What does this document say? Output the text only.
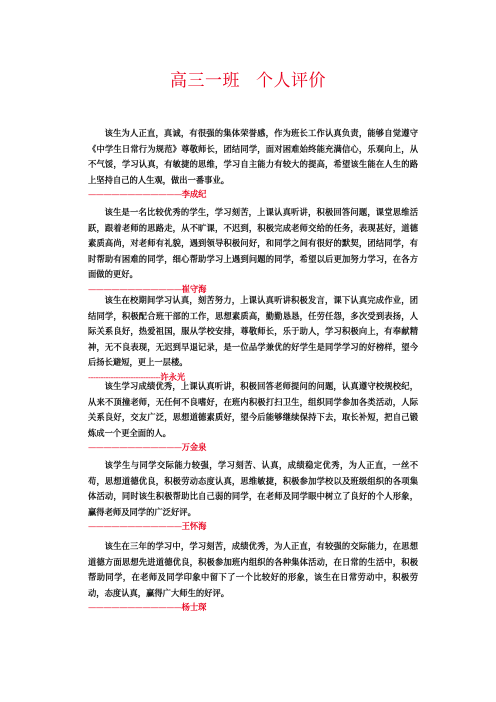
高三一班 个人评价

该生为人正直，真诚，有很强的集体荣誉感，作为班长工作认真负责，能够自觉遵守《中学生日常行为规范》尊敬师长，团结同学，面对困难始终能充满信心，乐观向上，从不气馁，学习认真，有敏捷的思维，学习自主能力有较大的提高，希望该生能在人生的路上坚持自己的人生观，做出一番事业。

————————————李成纪

该生是一名比较优秀的学生，学习刻苦，上课认真听讲，积极回答问题，课堂思维活跃，跟着老师的思路走，从不旷课，不迟到，积极完成老师交给的任务，表现甚好，道德素质高尚，对老师有礼貌，遇到领导积极问好，和同学之间有很好的默契，团结同学，有时帮助有困难的同学，细心帮助学习上遇到问题的同学，希望以后更加努力学习，在各方面做的更好。

————————————崔守海

该生在校期间学习认真，刻苦努力，上课认真听讲积极发言，课下认真完成作业，团结同学，积极配合班干部的工作，思想素质高，勤勤恳恳，任劳任怨，多次受到表扬，人际关系良好，热爱祖国，服从学校安排，尊敬师长，乐于助人，学习积极向上，有奉献精神，无不良表现，无迟到早退记录，是一位品学兼优的好学生是同学学习的好榜样，望今后扬长避短，更上一层楼。

-----------------------------许永光

该生学习成绩优秀，上课认真听讲，积极回答老师提问的问题，认真遵守校规校纪，从来不顶撞老师，无任何不良嗜好，在班内积极打扫卫生，组织同学参加各类活动，人际关系良好，交友广泛，思想道德素质好，望今后能够继续保持下去，取长补短，把自己锻炼成一个更全面的人。

————————————万金泉

该学生与同学交际能力较强，学习刻苦、认真，成绩稳定优秀，为人正直，一丝不苟，思想道德优良，积极劳动态度认真，思维敏捷，积极参加学校以及班级组织的各项集体活动，同时该生积极帮助比自己弱的同学，在老师及同学眼中树立了良好的个人形象，赢得老师及同学的广泛好评。

————————————王怀海

该生在三年的学习中，学习刻苦，成绩优秀，为人正直，有较强的交际能力，在思想道德方面思想先进道德优良，积极参加班内组织的各种集体活动，在日常的生活中，积极帮助同学，在老师及同学印象中留下了一个比较好的形象，该生在日常劳动中，积极劳动，态度认真，赢得广大师生的好评。

————————————杨士琛
